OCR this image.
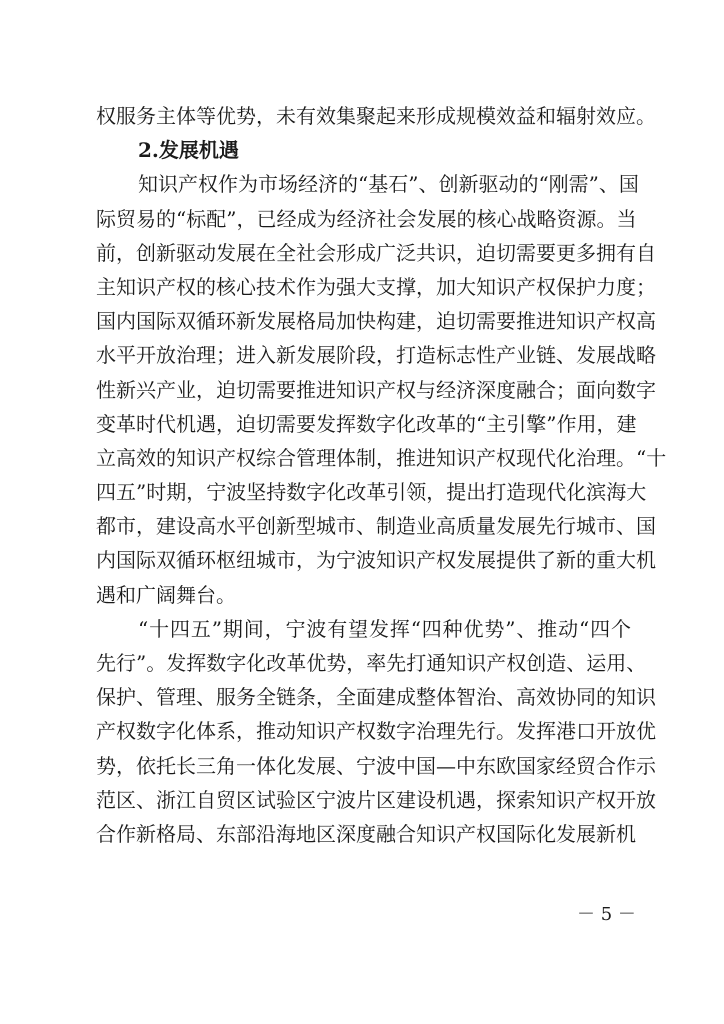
权服务主体等优势，未有效集聚起来形成规模效益和辐射效应。
2.发展机遇
知识产权作为市场经济的“基石”、创新驱动的“刚需”、国
际贸易的“标配”，已经成为经济社会发展的核心战略资源。当
前，创新驱动发展在全社会形成广泛共识，迫切需要更多拥有自
主知识产权的核心技术作为强大支撑，加大知识产权保护力度；
国内国际双循环新发展格局加快构建，迫切需要推进知识产权高
水平开放治理；进入新发展阶段，打造标志性产业链、发展战略
性新兴产业，迫切需要推进知识产权与经济深度融合；面向数字
变革时代机遇，迫切需要发挥数字化改革的“主引擎”作用，建
立高效的知识产权综合管理体制，推进知识产权现代化治理。“十
四五”时期，宁波坚持数字化改革引领，提出打造现代化滨海大
都市，建设高水平创新型城市、制造业高质量发展先行城市、国
内国际双循环枢纽城市，为宁波知识产权发展提供了新的重大机
遇和广阔舞台。
“十四五”期间，宁波有望发挥“四种优势”、推动“四个
先行”。发挥数字化改革优势，率先打通知识产权创造、运用、
保护、管理、服务全链条，全面建成整体智治、高效协同的知识
产权数字化体系，推动知识产权数字治理先行。发挥港口开放优
势，依托长三角一体化发展、宁波中国—中东欧国家经贸合作示
范区、浙江自贸区试验区宁波片区建设机遇，探索知识产权开放
合作新格局、东部沿海地区深度融合知识产权国际化发展新机
－ 5 －
